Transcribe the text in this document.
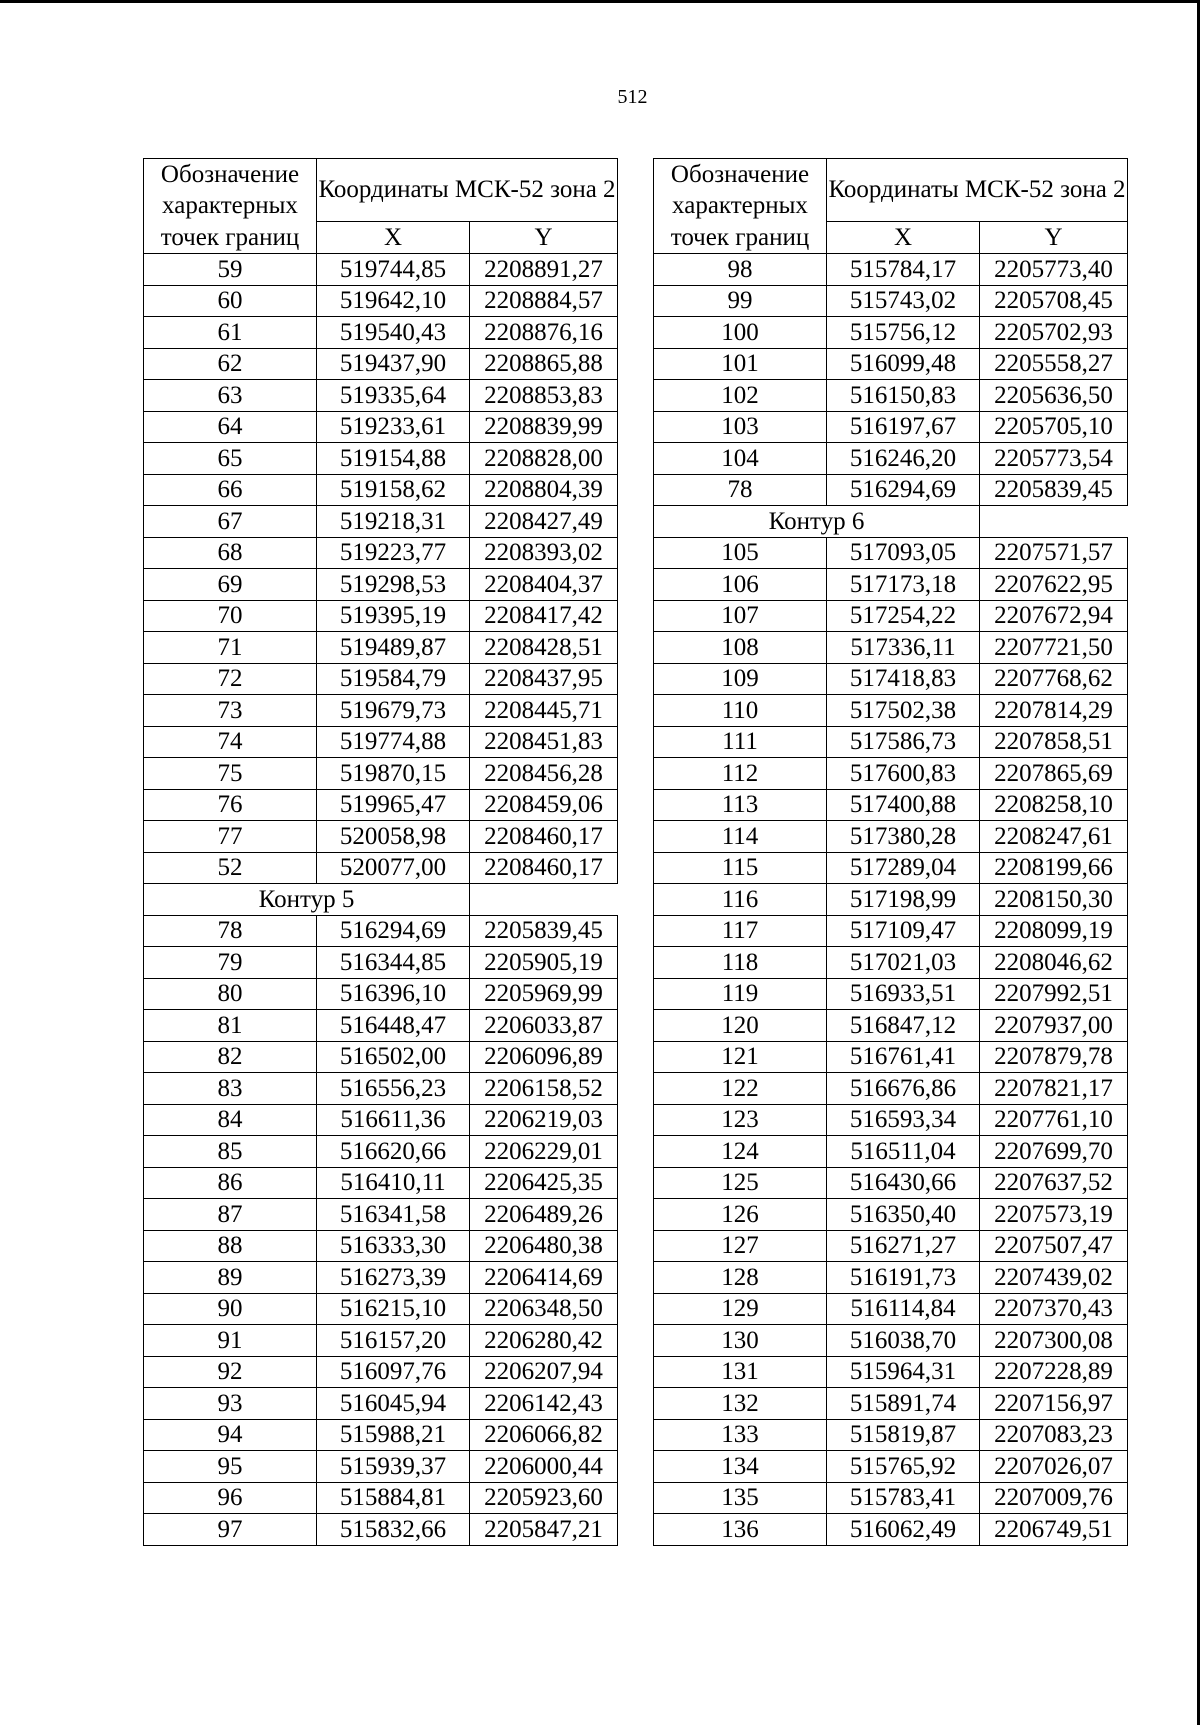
512
Обозначение характерных точек границ	Координаты МСК-52 зона 2	
	X	Y
59	519744,85	2208891,27
60	519642,10	2208884,57
61	519540,43	2208876,16
62	519437,90	2208865,88
63	519335,64	2208853,83
64	519233,61	2208839,99
65	519154,88	2208828,00
66	519158,62	2208804,39
67	519218,31	2208427,49
68	519223,77	2208393,02
69	519298,53	2208404,37
70	519395,19	2208417,42
71	519489,87	2208428,51
72	519584,79	2208437,95
73	519679,73	2208445,71
74	519774,88	2208451,83
75	519870,15	2208456,28
76	519965,47	2208459,06
77	520058,98	2208460,17
52	520077,00	2208460,17
Контур 5		
78	516294,69	2205839,45
79	516344,85	2205905,19
80	516396,10	2205969,99
81	516448,47	2206033,87
82	516502,00	2206096,89
83	516556,23	2206158,52
84	516611,36	2206219,03
85	516620,66	2206229,01
86	516410,11	2206425,35
87	516341,58	2206489,26
88	516333,30	2206480,38
89	516273,39	2206414,69
90	516215,10	2206348,50
91	516157,20	2206280,42
92	516097,76	2206207,94
93	516045,94	2206142,43
94	515988,21	2206066,82
95	515939,37	2206000,44
96	515884,81	2205923,60
97	515832,66	2205847,21
Обозначение характерных точек границ	Координаты МСК-52 зона 2	
	X	Y
98	515784,17	2205773,40
99	515743,02	2205708,45
100	515756,12	2205702,93
101	516099,48	2205558,27
102	516150,83	2205636,50
103	516197,67	2205705,10
104	516246,20	2205773,54
78	516294,69	2205839,45
Контур 6		
105	517093,05	2207571,57
106	517173,18	2207622,95
107	517254,22	2207672,94
108	517336,11	2207721,50
109	517418,83	2207768,62
110	517502,38	2207814,29
111	517586,73	2207858,51
112	517600,83	2207865,69
113	517400,88	2208258,10
114	517380,28	2208247,61
115	517289,04	2208199,66
116	517198,99	2208150,30
117	517109,47	2208099,19
118	517021,03	2208046,62
119	516933,51	2207992,51
120	516847,12	2207937,00
121	516761,41	2207879,78
122	516676,86	2207821,17
123	516593,34	2207761,10
124	516511,04	2207699,70
125	516430,66	2207637,52
126	516350,40	2207573,19
127	516271,27	2207507,47
128	516191,73	2207439,02
129	516114,84	2207370,43
130	516038,70	2207300,08
131	515964,31	2207228,89
132	515891,74	2207156,97
133	515819,87	2207083,23
134	515765,92	2207026,07
135	515783,41	2207009,76
136	516062,49	2206749,51
